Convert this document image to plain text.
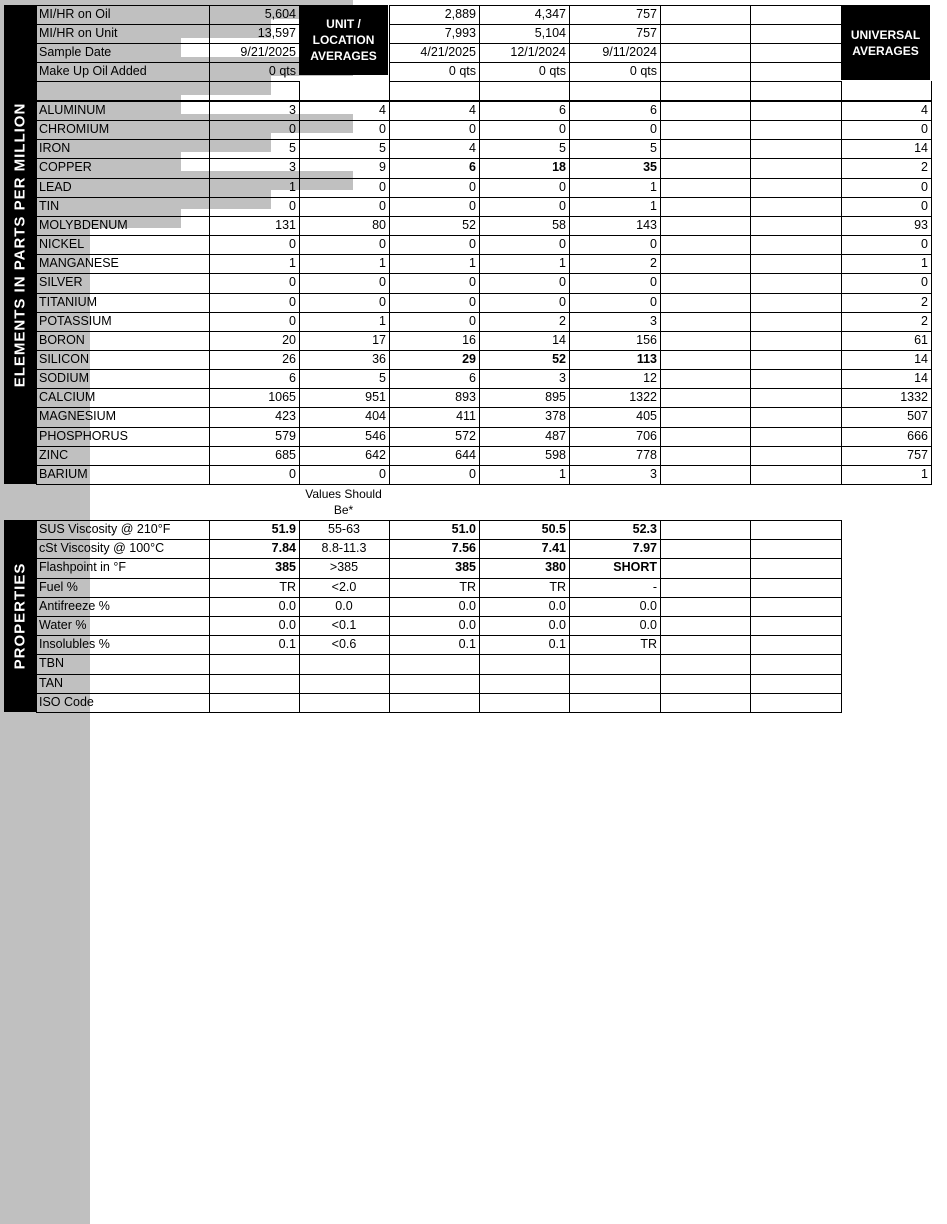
MI/HR on Oil	5,604	2,889	4,347	757
MI/HR on Unit	13,597	7,993	5,104	757
Sample Date	9/21/2025	4/21/2025	12/1/2024	9/11/2024
Make Up Oil Added	0 qts	0 qts	0 qts	0 qts
ALUMINUM	3	4	4	6	6	4
CHROMIUM	0	0	0	0	0	0
IRON	5	5	4	5	5	14
COPPER	3	9	6	18	35	2
LEAD	1	0	0	0	1	0
TIN	0	0	0	0	1	0
MOLYBDENUM	131	80	52	58	143	93
NICKEL	0	0	0	0	0	0
MANGANESE	1	1	1	1	2	1
SILVER	0	0	0	0	0	0
TITANIUM	0	0	0	0	0	2
POTASSIUM	0	1	0	2	3	2
BORON	20	17	16	14	156	61
SILICON	26	36	29	52	113	14
SODIUM	6	5	6	3	12	14
CALCIUM	1065	951	893	895	1322	1332
MAGNESIUM	423	404	411	378	405	507
PHOSPHORUS	579	546	572	487	706	666
ZINC	685	642	644	598	778	757
BARIUM	0	0	0	1	3	1
SUS Viscosity @ 210°F	51.9	55-63	51.0	50.5	52.3
cSt Viscosity @ 100°C	7.84	8.8-11.3	7.56	7.41	7.97
Flashpoint in °F	385	>385	385	380	SHORT
Fuel %	TR	<2.0	TR	TR	-
Antifreeze %	0.0	0.0	0.0	0.0	0.0
Water %	0.0	<0.1	0.0	0.0	0.0
Insolubles %	0.1	<0.6	0.1	0.1	TR
TBN
TAN
ISO Code
UNIT / LOCATION AVERAGES
UNIVERSAL AVERAGES
ELEMENTS IN PARTS PER MILLION
PROPERTIES
Values Should Be*
